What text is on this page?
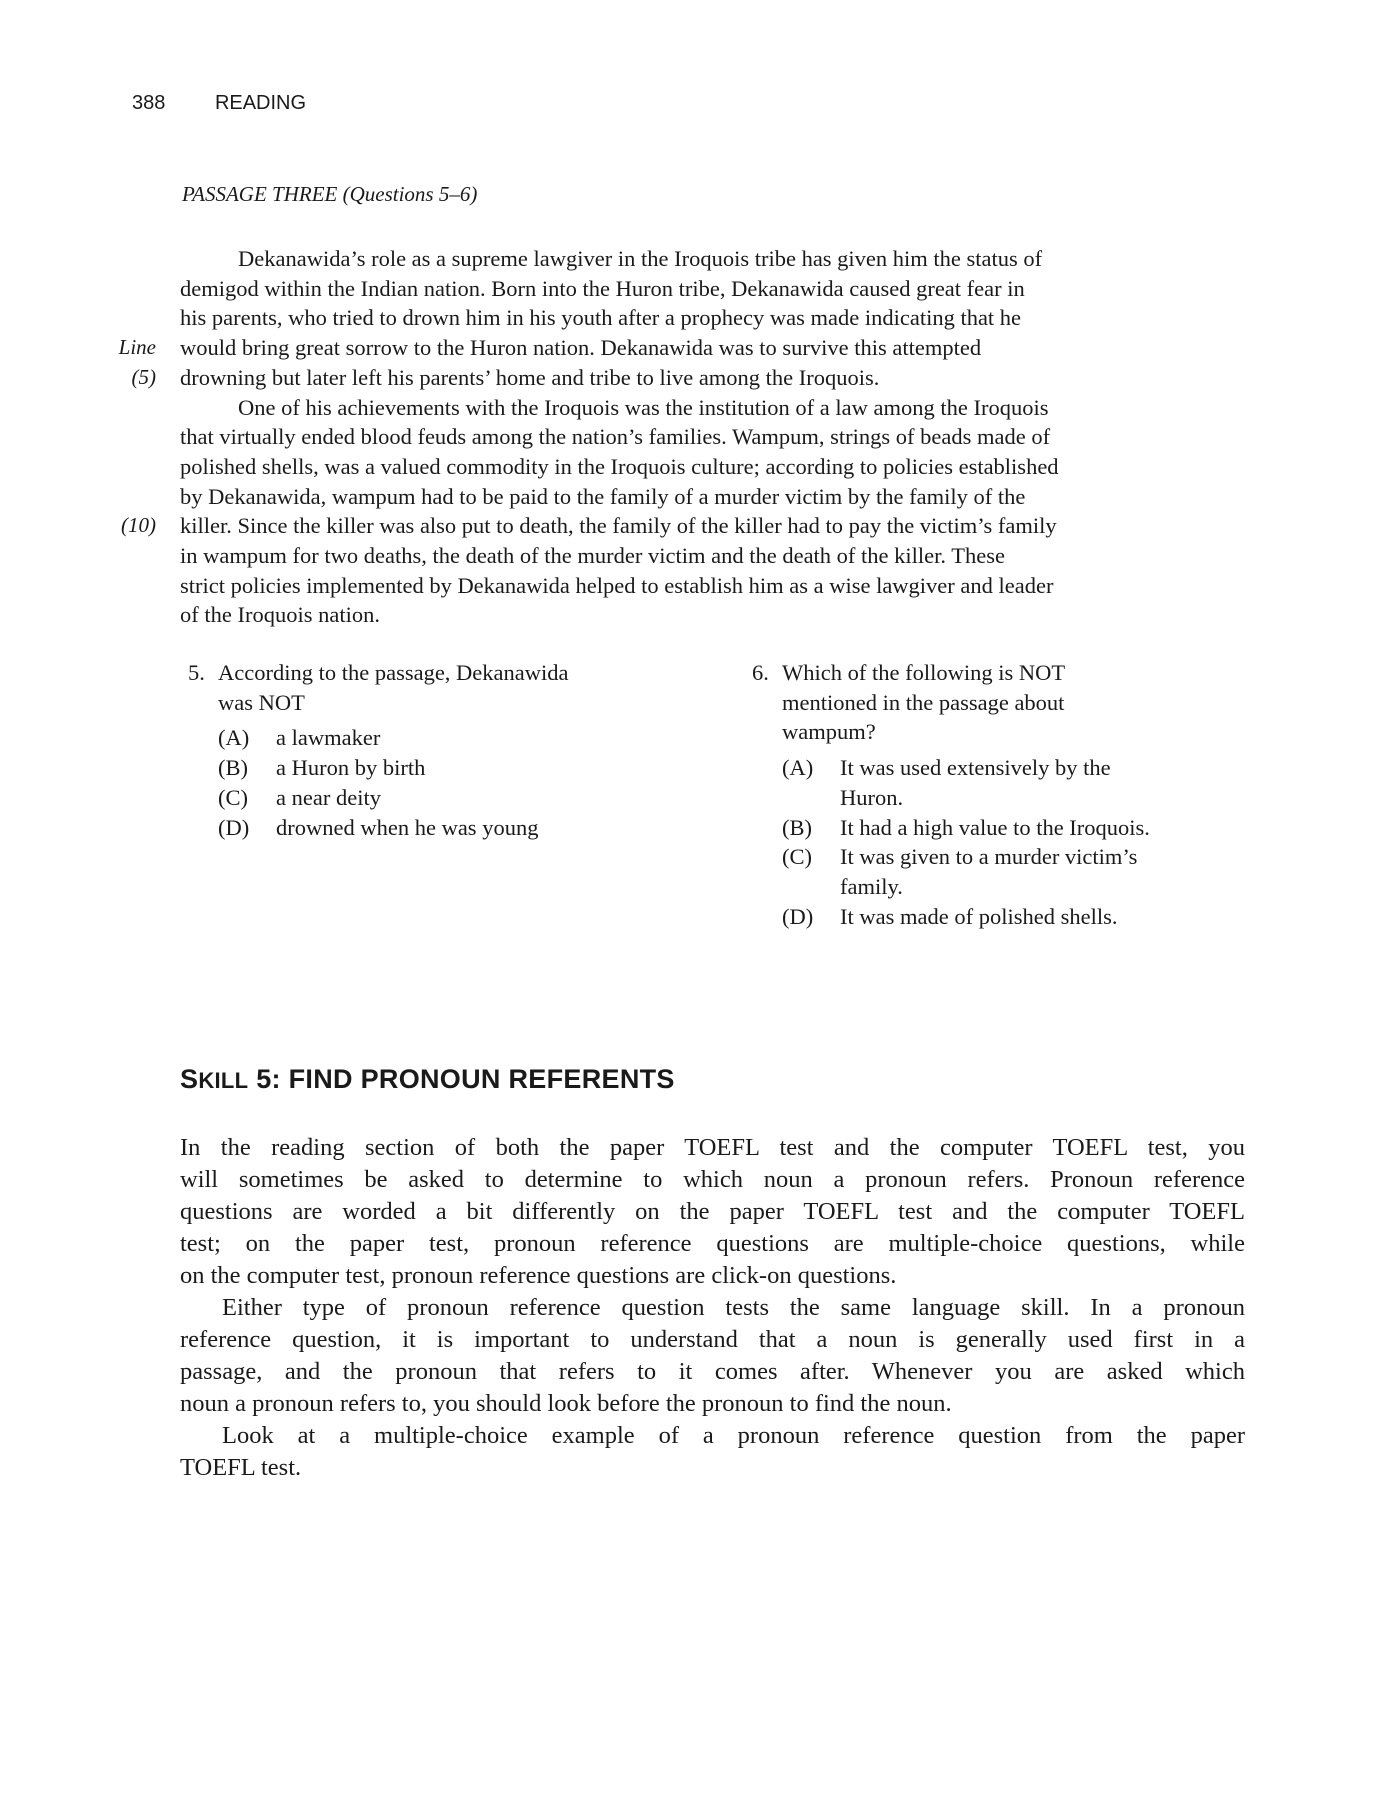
388 READING
PASSAGE THREE (Questions 5–6)
Dekanawida’s role as a supreme lawgiver in the Iroquois tribe has given him the status of
demigod within the Indian nation. Born into the Huron tribe, Dekanawida caused great fear in
his parents, who tried to drown him in his youth after a prophecy was made indicating that he
Line would bring great sorrow to the Huron nation. Dekanawida was to survive this attempted
(5) drowning but later left his parents’ home and tribe to live among the Iroquois.
One of his achievements with the Iroquois was the institution of a law among the Iroquois
that virtually ended blood feuds among the nation’s families. Wampum, strings of beads made of
polished shells, was a valued commodity in the Iroquois culture; according to policies established
by Dekanawida, wampum had to be paid to the family of a murder victim by the family of the
(10) killer. Since the killer was also put to death, the family of the killer had to pay the victim’s family
in wampum for two deaths, the death of the murder victim and the death of the killer. These
strict policies implemented by Dekanawida helped to establish him as a wise lawgiver and leader
of the Iroquois nation.
5. According to the passage, Dekanawida
was NOT
(A)	a lawmaker
(B)	a Huron by birth
(C)	a near deity
(D)	drowned when he was young
6. Which of the following is NOT
mentioned in the passage about
wampum?
(A)	It was used extensively by the
Huron.
(B)	It had a high value to the Iroquois.
(C)	It was given to a murder victim’s
family.
(D)	It was made of polished shells.
SKILL 5: FIND PRONOUN REFERENTS
In the reading section of both the paper TOEFL test and the computer TOEFL test, you
will sometimes be asked to determine to which noun a pronoun refers. Pronoun reference
questions are worded a bit differently on the paper TOEFL test and the computer TOEFL
test; on the paper test, pronoun reference questions are multiple-choice questions, while
on the computer test, pronoun reference questions are click-on questions.
Either type of pronoun reference question tests the same language skill. In a pronoun
reference question, it is important to understand that a noun is generally used first in a
passage, and the pronoun that refers to it comes after. Whenever you are asked which
noun a pronoun refers to, you should look before the pronoun to find the noun.
Look at a multiple-choice example of a pronoun reference question from the paper
TOEFL test.
